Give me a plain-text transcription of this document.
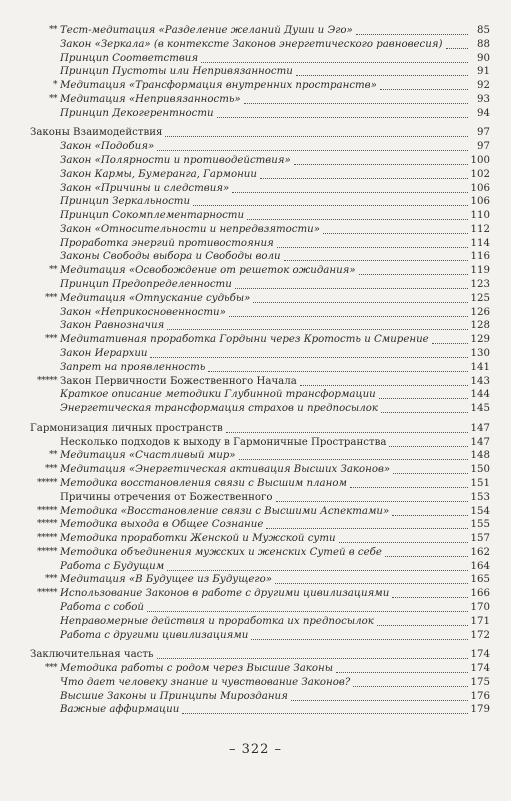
** Тест-медитация «Разделение желаний Души и Эго»	85
Закон «Зеркала» (в контексте Законов энергетического равновесия)	88
Принцип Соответствия	90
Принцип Пустоты или Непривязанности	91
* Медитация «Трансформация внутренних пространств»	92
** Медитация «Непривязанность»	93
Принцип Декогерентности	94
Законы Взаимодействия	97
Закон «Подобия»	97
Закон «Полярности и противодействия»	100
Закон Кармы, Бумеранга, Гармонии	102
Закон «Причины и следствия»	106
Принцип Зеркальности	106
Принцип Сокомплементарности	110
Закон «Относительности и непредвзятости»	112
Проработка энергий противостояния	114
Законы Свободы выбора и Свободы воли	116
** Медитация «Освобождение от решеток ожидания»	119
Принцип Предопределенности	123
*** Медитация «Отпускание судьбы»	125
Закон «Неприкосновенности»	126
Закон Равнозначия	128
*** Медитативная проработка Гордыни через Кротость и Смирение	129
Закон Иерархии	130
Запрет на проявленность	141
***** Закон Первичности Божественного Начала	143
Краткое описание методики Глубинной трансформации	144
Энергетическая трансформация страхов и предпосылок	145
Гармонизация личных пространств	147
Несколько подходов к выходу в Гармоничные Пространства	147
** Медитация «Счастливый мир»	148
*** Медитация «Энергетическая активация Высших Законов»	150
***** Методика восстановления связи с Высшим планом	151
Причины отречения от Божественного	153
***** Методика «Восстановление связи с Высшими Аспектами»	154
***** Методика выхода в Общее Сознание	155
***** Методика проработки Женской и Мужской сути	157
***** Методика объединения мужских и женских Сутей в себе	162
Работа с Будущим	164
*** Медитация «В Будущее из Будущего»	165
***** Использование Законов в работе с другими цивилизациями	166
Работа с собой	170
Неправомерные действия и проработка их предпосылок	171
Работа с другими цивилизациями	172
Заключительная часть	174
*** Методика работы с родом через Высшие Законы	174
Что дает человеку знание и чувствование Законов?	175
Высшие Законы и Принципы Мироздания	176
Важные аффирмации	179
– 322 –
